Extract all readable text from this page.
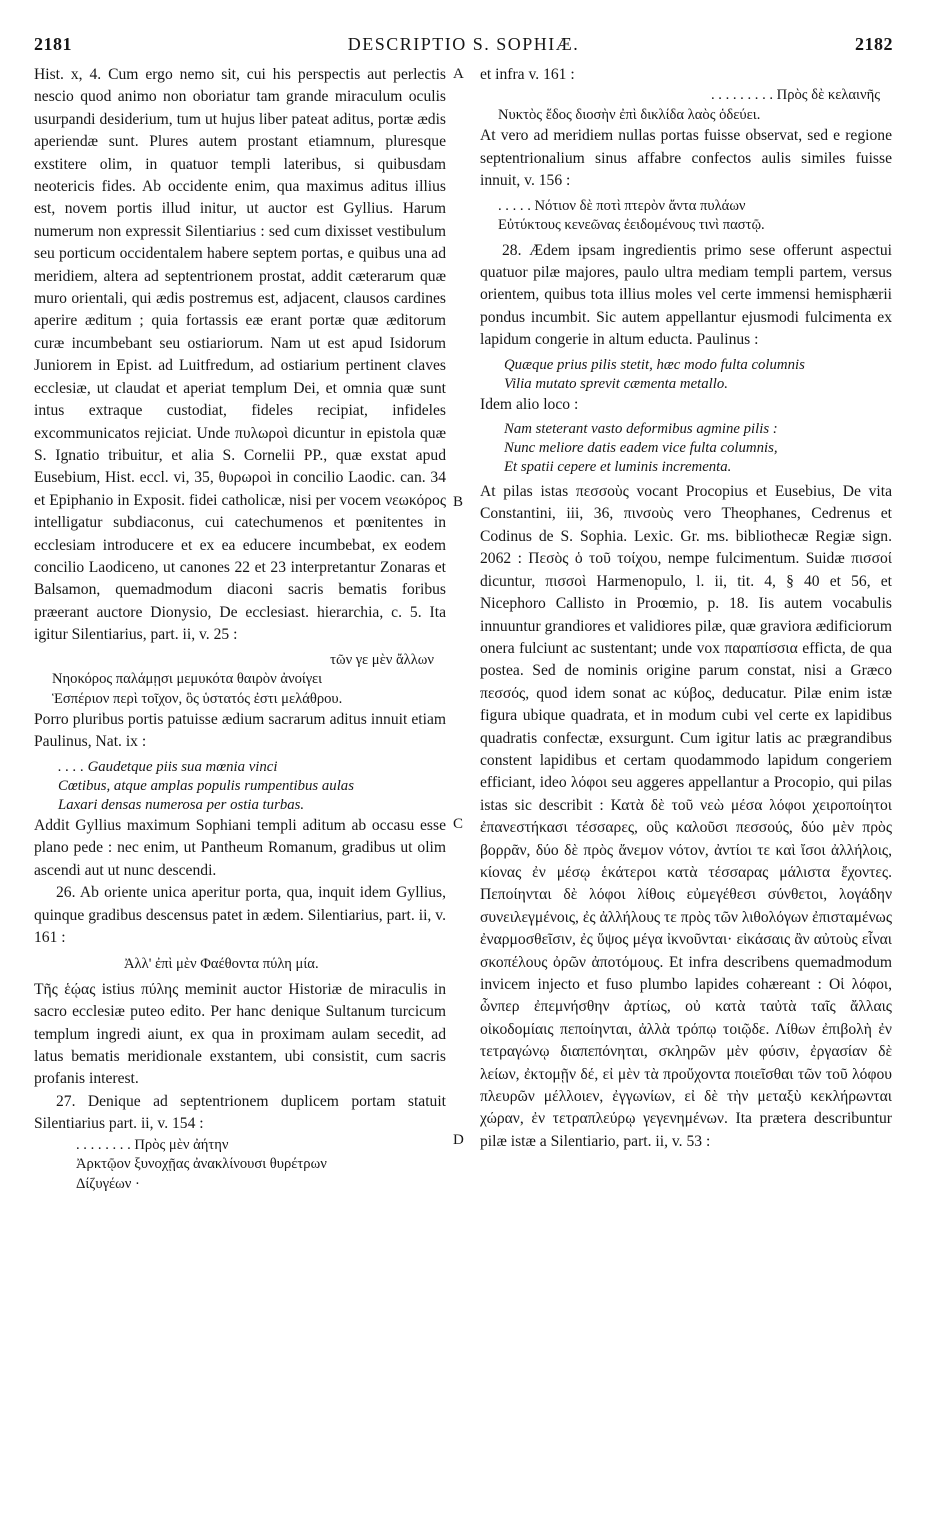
2181	DESCRIPTIO S. SOPHIÆ.	2182
A
B
C
D

Hist. x, 4. Cum ergo nemo sit, cui his perspectis aut perlectis nescio quod animo non oboriatur tam grande miraculum oculis usurpandi desiderium, tum ut hujus liber pateat aditus, portæ ædis aperiendæ sunt. Plures autem prostant etiamnum, pluresque exstitere olim, in quatuor templi lateribus, si quibusdam neotericis fides. Ab occidente enim, qua maximus aditus illius est, novem portis illud initur, ut auctor est Gyllius. Harum numerum non expressit Silentiarius : sed cum dixisset vestibulum seu porticum occidentalem habere septem portas, e quibus una ad meridiem, altera ad septentrionem prostat, addit cæterarum quæ muro orientali, qui ædis postremus est, adjacent, clausos cardines aperire æditum ; quia fortassis eæ erant portæ quæ æditorum curæ incumbebant seu ostiariorum. Nam ut est apud Isidorum Juniorem in Epist. ad Luitfredum, ad ostiarium pertinent claves ecclesiæ, ut claudat et aperiat templum Dei, et omnia quæ sunt intus extraque custodiat, fideles recipiat, infideles excommunicatos rejiciat. Unde πυλωροὶ dicuntur in epistola quæ S. Ignatio tribuitur, et alia S. Cornelii PP., quæ exstat apud Eusebium, Hist. eccl. vi, 35, θυρωροὶ in concilio Laodic. can. 34 et Epiphanio in Exposit. fidei catholicæ, nisi per vocem νεωκόρος intelligatur subdiaconus, cui catechumenos et pœnitentes in ecclesiam introducere et ex ea educere incumbebat, ex eodem concilio Laodiceno, ut canones 22 et 23 interpretantur Zonaras et Balsamon, quemadmodum diaconi sacris bematis foribus præerant auctore Dionysio, De ecclesiast. hierarchia, c. 5. Ita igitur Silentiarius, part. ii, v. 25 :

τῶν γε μὲν ἄλλων
Νηοκόρος παλάμῃσι μεμυκότα θαιρὸν ἀνοίγει
Ἑσπέριον περὶ τοῖχον, ὃς ὑστατός ἐστι μελάθρου.

Porro pluribus portis patuisse ædium sacrarum aditus innuit etiam Paulinus, Nat. ix :

. . . . Gaudetque piis sua mœnia vinci
Cœtibus, atque amplas populis rumpentibus aulas
Laxari densas numerosa per ostia turbas.

Addit Gyllius maximum Sophiani templi aditum ab occasu esse plano pede : nec enim, ut Pantheum Romanum, gradibus ut olim ascendi aut ut nunc descendi.

26. Ab oriente unica aperitur porta, qua, inquit idem Gyllius, quinque gradibus descensus patet in ædem. Silentiarius, part. ii, v. 161 :

Ἀλλ' ἐπὶ μὲν Φαέθοντα πύλη μία.

Τῆς ἑῴας istius πύλης meminit auctor Historiæ de miraculis in sacro ecclesiæ puteo edito. Per hanc denique Sultanum turcicum templum ingredi aiunt, ex qua in proximam aulam secedit, ad latus bematis meridionale exstantem, ubi consistit, cum sacris profanis interest.

27. Denique ad septentrionem duplicem portam statuit Silentiarius part. ii, v. 154 :

. . . . . . . . Πρὸς μὲν ἀήτην
Ἀρκτῷον ξυνοχῇας ἀνακλίνουσι θυρέτρων
Δίζυγέων ·

et infra v. 161 :

. . . . . . . . . Πρὸς δὲ κελαινῆς
Νυκτὸς ἕδος διοσὴν ἐπὶ δικλίδα λαὸς ὁδεύει.

At vero ad meridiem nullas portas fuisse observat, sed e regione septentrionalium sinus affabre confectos aulis similes fuisse innuit, v. 156 :

. . . . . Νότιον δὲ ποτὶ πτερὸν ἄντα πυλάων
Εὐτύκτους κενεῶνας ἐειδομένους τινὶ παστῷ.

28. Ædem ipsam ingredientis primo sese offerunt aspectui quatuor pilæ majores, paulo ultra mediam templi partem, versus orientem, quibus tota illius moles vel certe immensi hemisphærii pondus incumbit. Sic autem appellantur ejusmodi fulcimenta ex lapidum congerie in altum educta. Paulinus :

Quæque prius pilis stetit, hæc modo fulta columnis
Vilia mutato sprevit cæmenta metallo.

Idem alio loco :

Nam steterant vasto deformibus agmine pilis :
Nunc meliore datis eadem vice fulta columnis,
Et spatii cepere et luminis incrementa.

At pilas istas πεσσοὺς vocant Procopius et Eusebius, De vita Constantini, iii, 36, πινσοὺς vero Theophanes, Cedrenus et Codinus de S. Sophia. Lexic. Gr. ms. bibliothecæ Regiæ sign. 2062 : Πεσὸς ὁ τοῦ τοίχου, nempe fulcimentum. Suidæ πισσοί dicuntur, πισσοὶ Harmenopulo, l. ii, tit. 4, § 40 et 56, et Nicephoro Callisto in Proœmio, p. 18. Iis autem vocabulis innuuntur grandiores et validiores pilæ, quæ graviora ædificiorum onera fulciunt ac sustentant; unde vox παραπίσσια efficta, de qua postea. Sed de nominis origine parum constat, nisi a Græco πεσσός, quod idem sonat ac κύβος, deducatur. Pilæ enim istæ figura ubique quadrata, et in modum cubi vel certe ex lapidibus quadratis confectæ, exsurgunt. Cum igitur latis ac prægrandibus constent lapidibus et certam quodammodo lapidum congeriem efficiant, ideo λόφοι seu aggeres appellantur a Procopio, qui pilas istas sic describit : Κατὰ δὲ τοῦ νεὼ μέσα λόφοι χειροποίητοι ἐπανεστήκασι τέσσαρες, οὓς καλοῦσι πεσσούς, δύο μὲν πρὸς βορρᾶν, δύο δὲ πρὸς ἄνεμον νότον, ἀντίοι τε καὶ ἴσοι ἀλλήλοις, κίονας ἐν μέσῳ ἑκάτεροι κατὰ τέσσαρας μάλιστα ἔχοντες. Πεποίηνται δὲ λόφοι λίθοις εὐμεγέθεσι σύνθετοι, λογάδην συνειλεγμένοις, ἐς ἀλλήλους τε πρὸς τῶν λιθολόγων ἐπισταμένως ἐναρμοσθεῖσιν, ἐς ὕψος μέγα ἰκνοῦνται· εἰκάσαις ἂν αὐτοὺς εἶναι σκοπέλους ὀρῶν ἀποτόμους. Et infra describens quemadmodum invicem injecto et fuso plumbo lapides cohæreant : Οἱ λόφοι, ὧνπερ ἐπεμνήσθην ἀρτίως, οὐ κατὰ ταὐτὰ ταῖς ἄλλαις οἰκοδομίαις πεποίηνται, ἀλλὰ τρόπῳ τοιῷδε. Λίθων ἐπιβολὴ ἐν τετραγώνῳ διαπεπόνηται, σκληρῶν μὲν φύσιν, ἐργασίαν δὲ λείων, ἐκτομῇν δέ, εἰ μὲν τὰ προὔχοντα ποιεῖσθαι τῶν τοῦ λόφου πλευρῶν μέλλοιεν, ἐγγωνίων, εἰ δὲ τὴν μεταξὺ κεκλήρωνται χώραν, ἐν τετραπλεύρῳ γεγενημένων. Ita prætera describuntur pilæ istæ a Silentiario, part. ii, v. 53 :
